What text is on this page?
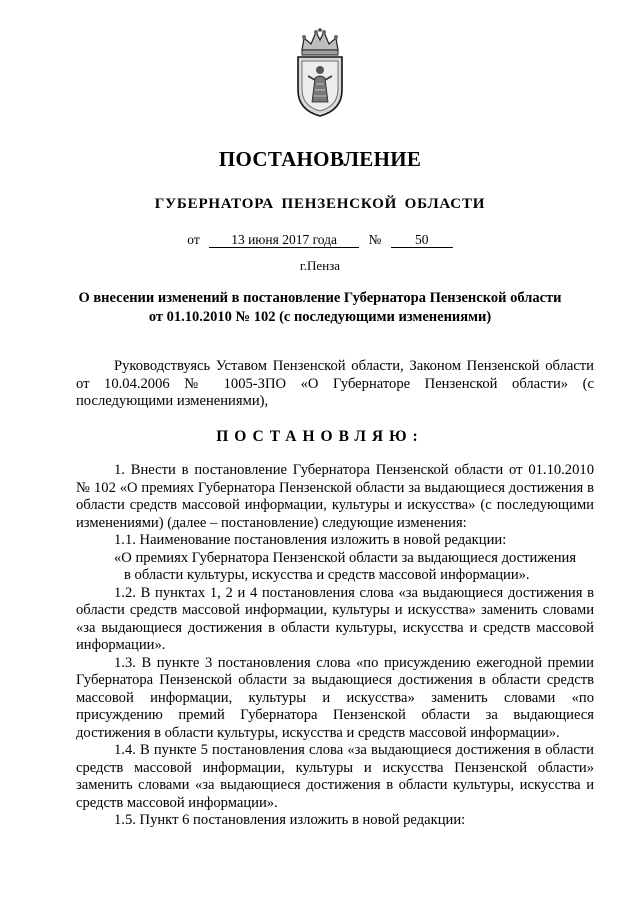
ПОСТАНОВЛЕНИЕ
ГУБЕРНАТОРА ПЕНЗЕНСКОЙ ОБЛАСТИ
от 13 июня 2017 года № 50
г.Пенза
О внесении изменений в постановление Губернатора Пензенской области
от 01.10.2010 № 102 (с последующими изменениями)

Руководствуясь Уставом Пензенской области, Законом Пензенской области от 10.04.2006 № 1005-ЗПО «О Губернаторе Пензенской области» (с последующими изменениями),

ПОСТАНОВЛЯЮ:

1. Внести в постановление Губернатора Пензенской области от 01.10.2010 № 102 «О премиях Губернатора Пензенской области за выдающиеся достижения в области средств массовой информации, культуры и искусства» (с последующими изменениями) (далее – постановление) следующие изменения:

1.1. Наименование постановления изложить в новой редакции:

«О премиях Губернатора Пензенской области за выдающиеся достижения

в области культуры, искусства и средств массовой информации».

1.2. В пунктах 1, 2 и 4 постановления слова «за выдающиеся достижения в области средств массовой информации, культуры и искусства» заменить словами «за выдающиеся достижения в области культуры, искусства и средств массовой информации».

1.3. В пункте 3 постановления слова «по присуждению ежегодной премии Губернатора Пензенской области за выдающиеся достижения в области средств массовой информации, культуры и искусства» заменить словами «по присуждению премий Губернатора Пензенской области за выдающиеся достижения в области культуры, искусства и средств массовой информации».

1.4. В пункте 5 постановления слова «за выдающиеся достижения в области средств массовой информации, культуры и искусства Пензенской области» заменить словами «за выдающиеся достижения в области культуры, искусства и средств массовой информации».

1.5. Пункт 6 постановления изложить в новой редакции:
